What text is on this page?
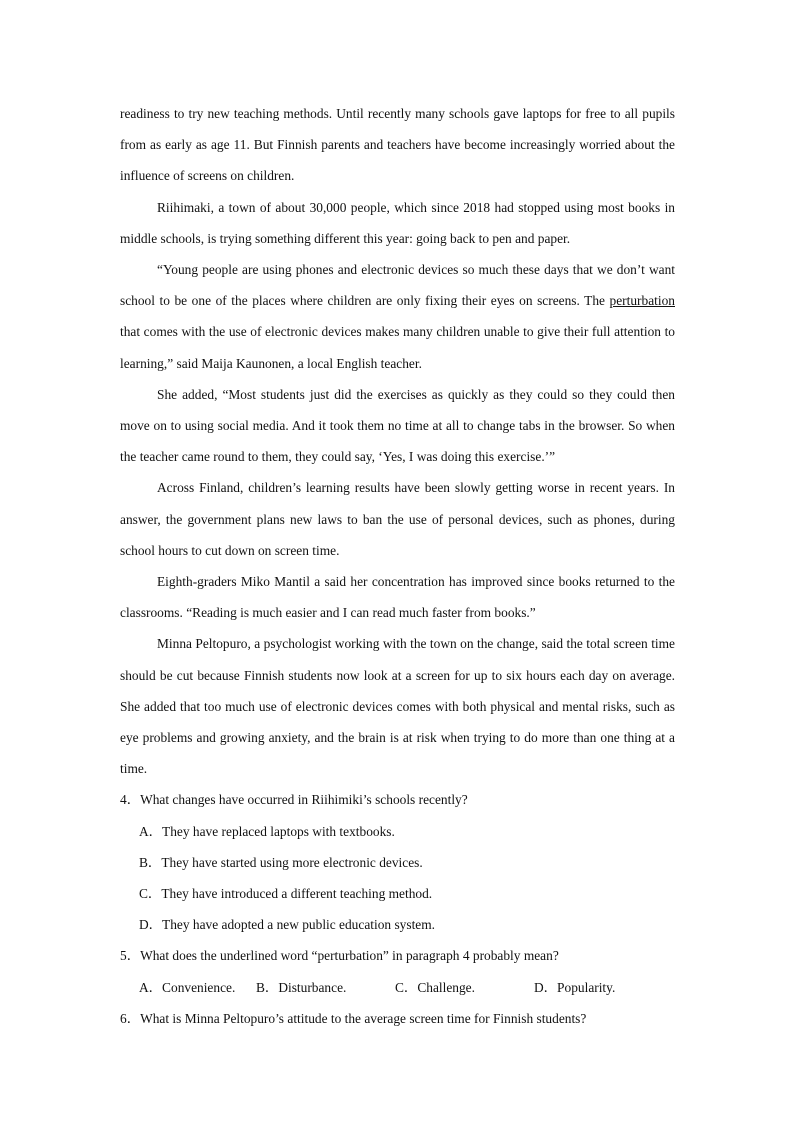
readiness to try new teaching methods. Until recently many schools gave laptops for free to all pupils from as early as age 11. But Finnish parents and teachers have become increasingly worried about the influence of screens on children.

Riihimaki, a town of about 30,000 people, which since 2018 had stopped using most books in middle schools, is trying something different this year: going back to pen and paper.

“Young people are using phones and electronic devices so much these days that we don’t want school to be one of the places where children are only fixing their eyes on screens. The perturbation that comes with the use of electronic devices makes many children unable to give their full attention to learning,” said Maija Kaunonen, a local English teacher.

She added, “Most students just did the exercises as quickly as they could so they could then move on to using social media. And it took them no time at all to change tabs in the browser. So when the teacher came round to them, they could say, ‘Yes, I was doing this exercise.’”

Across Finland, children’s learning results have been slowly getting worse in recent years. In answer, the government plans new laws to ban the use of personal devices, such as phones, during school hours to cut down on screen time.

Eighth-graders Miko Mantil a said her concentration has improved since books returned to the classrooms. “Reading is much easier and I can read much faster from books.”

Minna Peltopuro, a psychologist working with the town on the change, said the total screen time should be cut because Finnish students now look at a screen for up to six hours each day on average. She added that too much use of electronic devices comes with both physical and mental risks, such as eye problems and growing anxiety, and the brain is at risk when trying to do more than one thing at a time.

4．What changes have occurred in Riihimiki’s schools recently?

A．They have replaced laptops with textbooks.

B．They have started using more electronic devices.

C．They have introduced a different teaching method.

D．They have adopted a new public education system.

5．What does the underlined word “perturbation” in paragraph 4 probably mean?

A．Convenience.	B．Disturbance.	C．Challenge.	D．Popularity.

6．What is Minna Peltopuro’s attitude to the average screen time for Finnish students?
